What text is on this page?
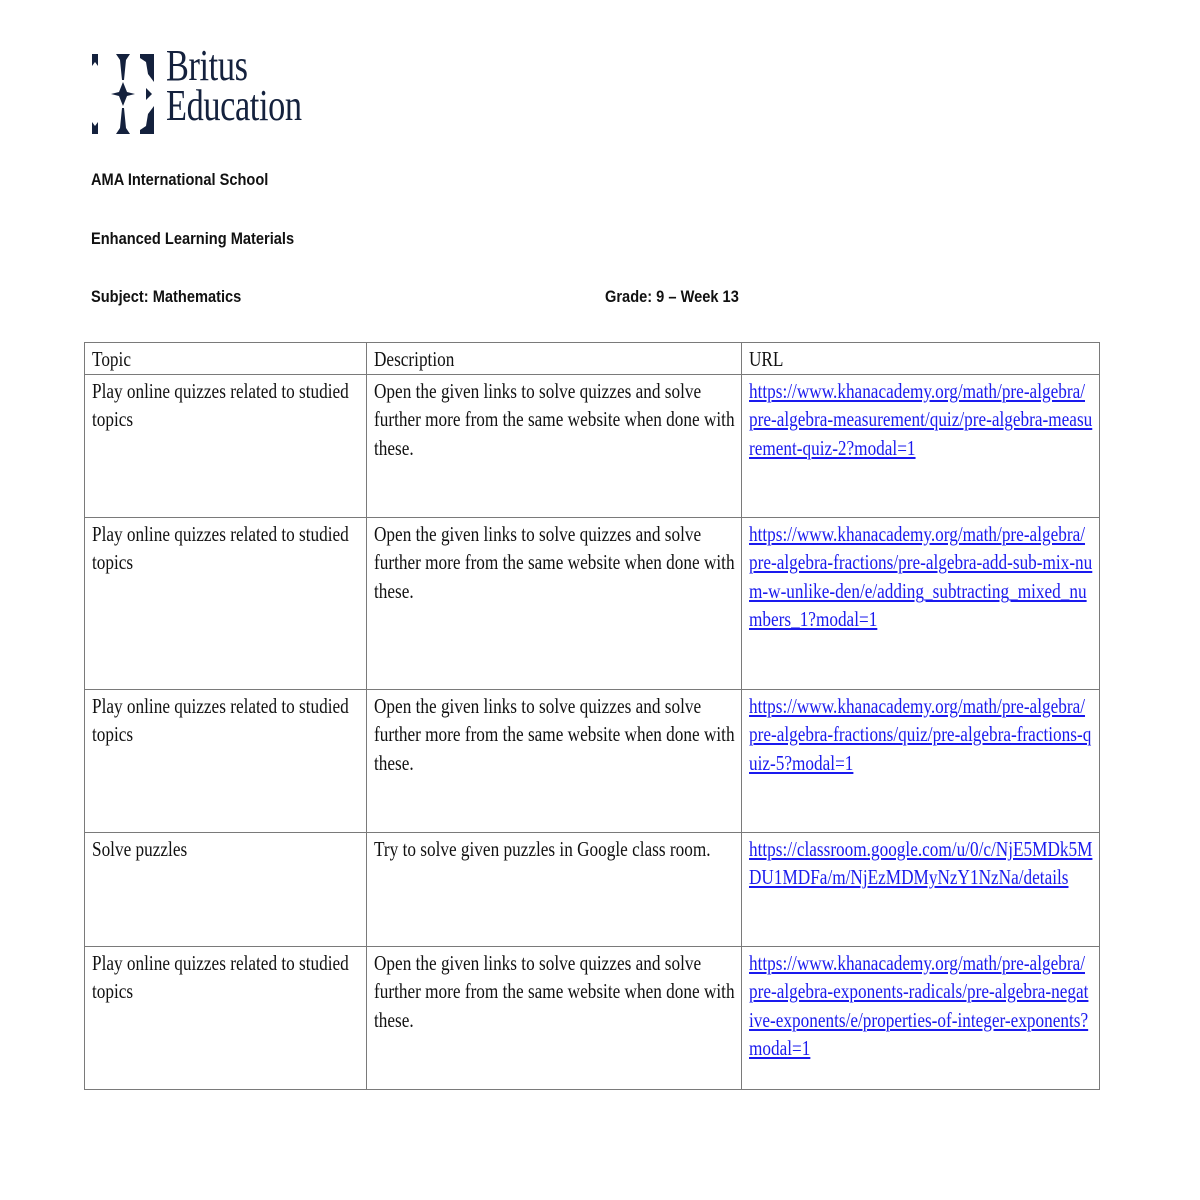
Britus
Education
AMA International School
Enhanced Learning Materials
Subject: Mathematics	Grade: 9 – Week 13
Topic	Description	URL

Play online quizzes related to studied topics	Open the given links to solve quizzes and solve further more from the same website when done with these.	https://www.khanacademy.org/math/pre-algebra/pre-algebra-measurement/quiz/pre-algebra-measurement-quiz-2?modal=1

Play online quizzes related to studied topics	Open the given links to solve quizzes and solve further more from the same website when done with these.	https://www.khanacademy.org/math/pre-algebra/pre-algebra-fractions/pre-algebra-add-sub-mix-num-w-unlike-den/e/adding_subtracting_mixed_numbers_1?modal=1

Play online quizzes related to studied topics	Open the given links to solve quizzes and solve further more from the same website when done with these.	https://www.khanacademy.org/math/pre-algebra/pre-algebra-fractions/quiz/pre-algebra-fractions-quiz-5?modal=1

Solve puzzles	Try to solve given puzzles in Google class room.	https://classroom.google.com/u/0/c/NjE5MDk5MDU1MDFa/m/NjEzMDMyNzY1NzNa/details

Play online quizzes related to studied topics	Open the given links to solve quizzes and solve further more from the same website when done with these.	https://www.khanacademy.org/math/pre-algebra/pre-algebra-exponents-radicals/pre-algebra-negative-exponents/e/properties-of-integer-exponents?modal=1
